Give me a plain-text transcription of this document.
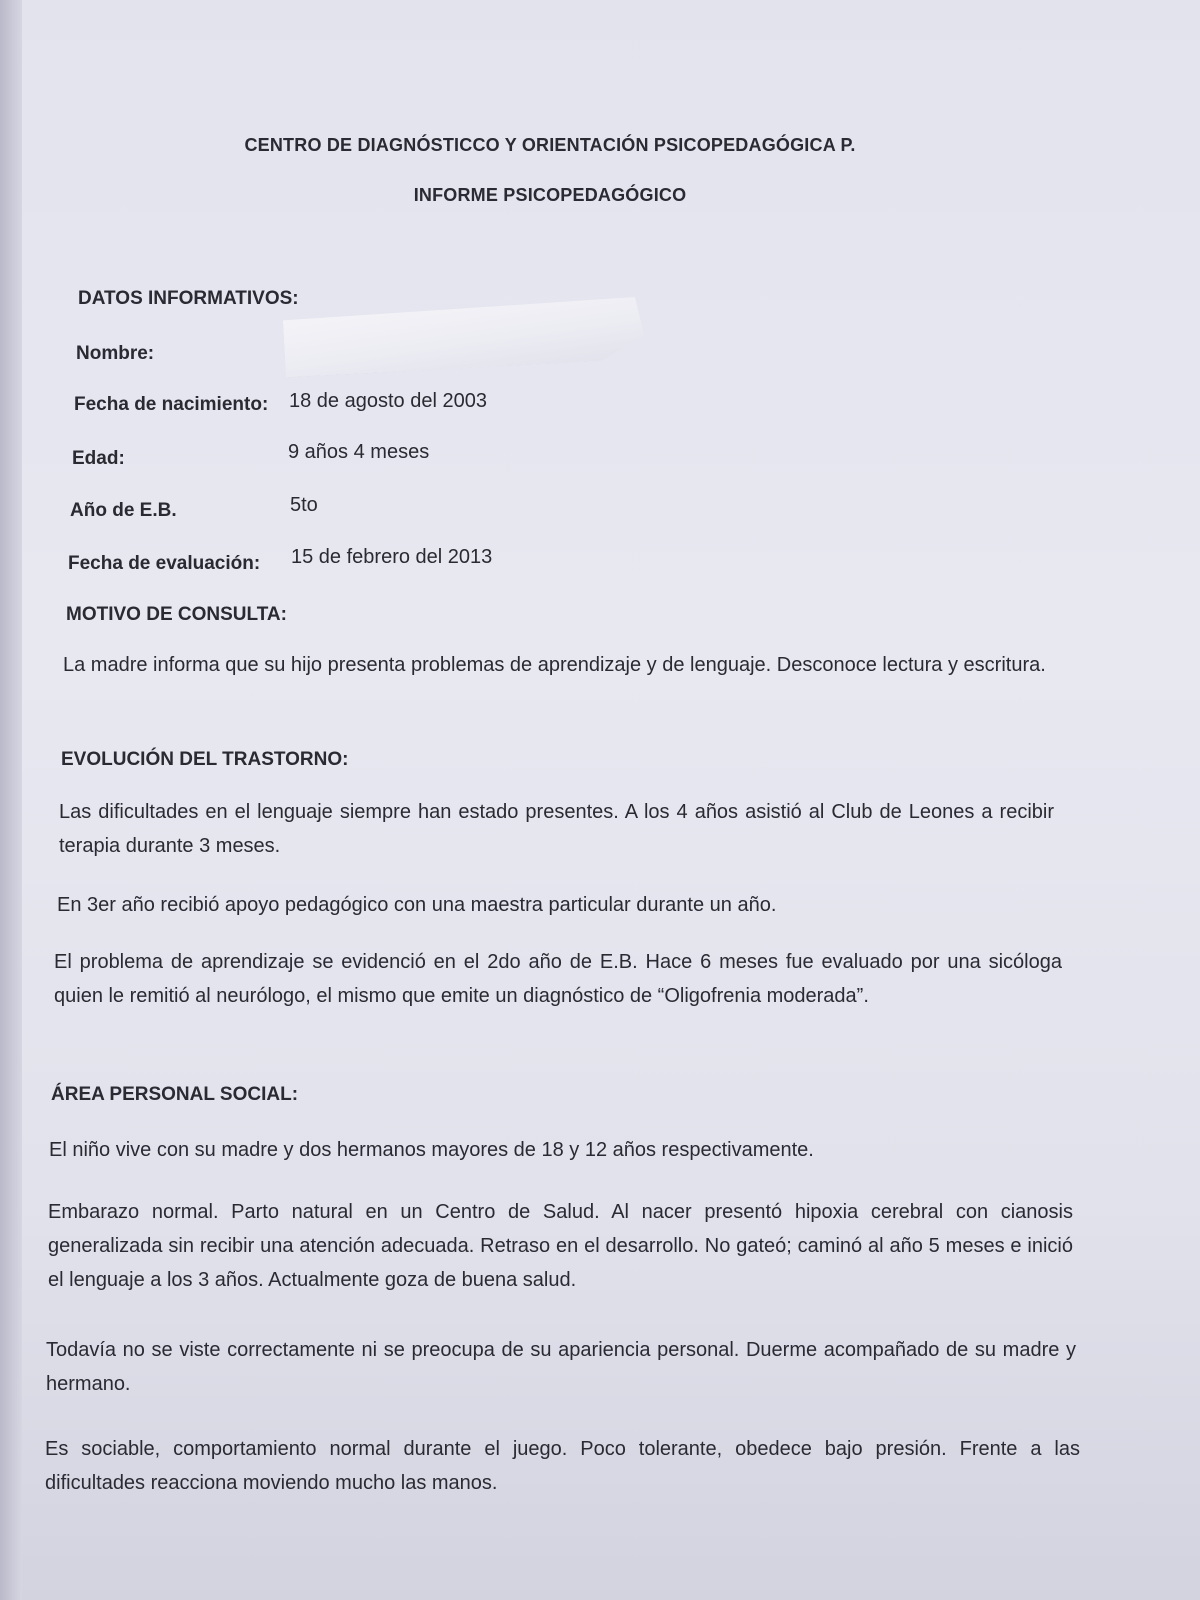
CENTRO DE DIAGNÓSTICCO Y ORIENTACIÓN PSICOPEDAGÓGICA P.
INFORME PSICOPEDAGÓGICO
DATOS INFORMATIVOS:
Nombre:
Fecha de nacimiento: 18 de agosto del 2003
Edad:	9 años 4 meses
Año de E.B.	5to
Fecha de evaluación: 15 de febrero del 2013
MOTIVO DE CONSULTA:
La madre informa que su hijo presenta problemas de aprendizaje y de lenguaje. Desconoce lectura y escritura.
EVOLUCIÓN DEL TRASTORNO:
Las dificultades en el lenguaje siempre han estado presentes. A los 4 años asistió al Club de Leones a recibir terapia durante 3 meses.
En 3er año recibió apoyo pedagógico con una maestra particular durante un año.
El problema de aprendizaje se evidenció en el 2do año de E.B. Hace 6 meses fue evaluado por una sicóloga quien le remitió al neurólogo, el mismo que emite un diagnóstico de “Oligofrenia moderada”.
ÁREA PERSONAL SOCIAL:
El niño vive con su madre y dos hermanos mayores de 18 y 12 años respectivamente.
Embarazo normal. Parto natural en un Centro de Salud. Al nacer presentó hipoxia cerebral con cianosis generalizada sin recibir una atención adecuada. Retraso en el desarrollo. No gateó; caminó al año 5 meses e inició el lenguaje a los 3 años. Actualmente goza de buena salud.
Todavía no se viste correctamente ni se preocupa de su apariencia personal. Duerme acompañado de su madre y hermano.
Es sociable, comportamiento normal durante el juego. Poco tolerante, obedece bajo presión. Frente a las dificultades reacciona moviendo mucho las manos.
